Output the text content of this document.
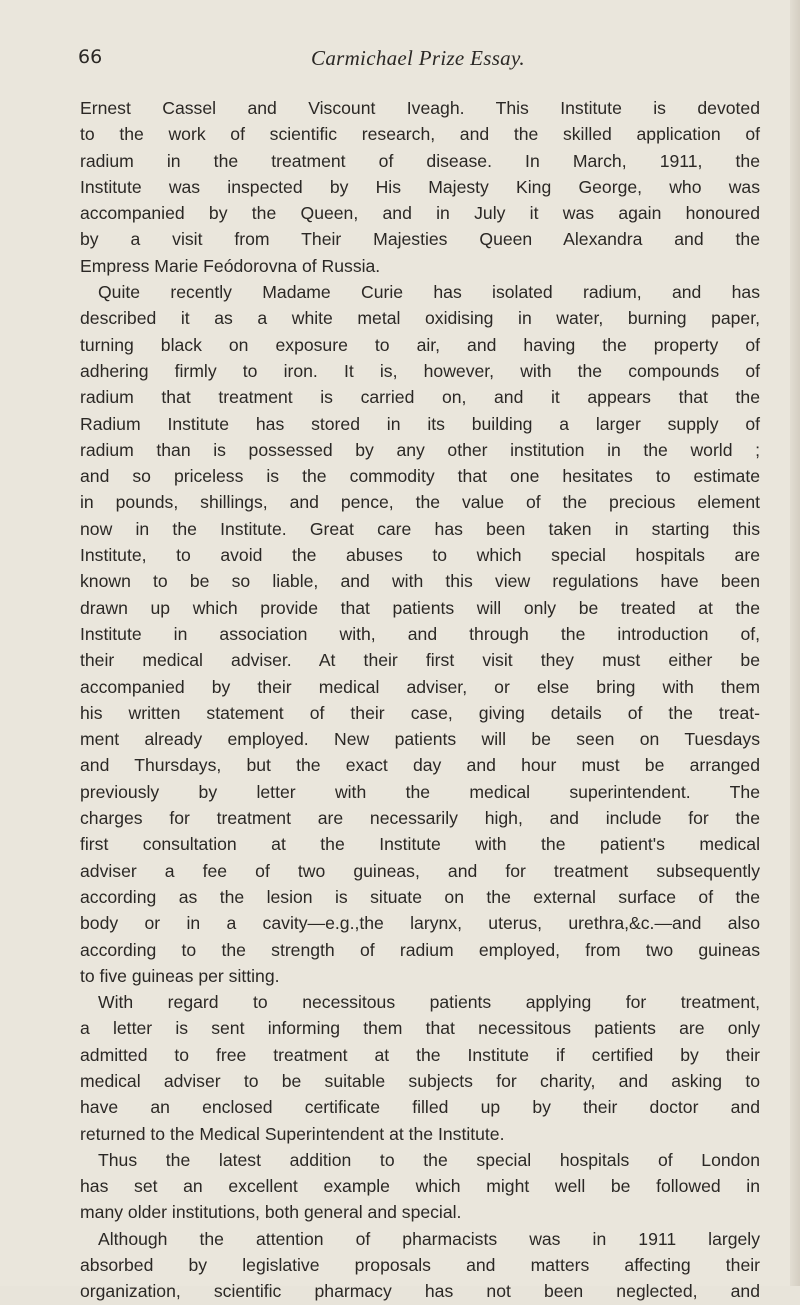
66	Carmichael Prize Essay.
Ernest Cassel and Viscount Iveagh. This Institute is devoted
to the work of scientific research, and the skilled application of
radium in the treatment of disease. In March, 1911, the
Institute was inspected by His Majesty King George, who was
accompanied by the Queen, and in July it was again honoured
by a visit from Their Majesties Queen Alexandra and the
Empress Marie Feódorovna of Russia.
Quite recently Madame Curie has isolated radium, and has
described it as a white metal oxidising in water, burning paper,
turning black on exposure to air, and having the property of
adhering firmly to iron. It is, however, with the compounds of
radium that treatment is carried on, and it appears that the
Radium Institute has stored in its building a larger supply of
radium than is possessed by any other institution in the world ;
and so priceless is the commodity that one hesitates to estimate
in pounds, shillings, and pence, the value of the precious element
now in the Institute. Great care has been taken in starting this
Institute, to avoid the abuses to which special hospitals are
known to be so liable, and with this view regulations have been
drawn up which provide that patients will only be treated at the
Institute in association with, and through the introduction of,
their medical adviser. At their first visit they must either be
accompanied by their medical adviser, or else bring with them
his written statement of their case, giving details of the treat-
ment already employed. New patients will be seen on Tuesdays
and Thursdays, but the exact day and hour must be arranged
previously by letter with the medical superintendent. The
charges for treatment are necessarily high, and include for the
first consultation at the Institute with the patient's medical
adviser a fee of two guineas, and for treatment subsequently
according as the lesion is situate on the external surface of the
body or in a cavity—e.g.,the larynx, uterus, urethra,&c.—and also
according to the strength of radium employed, from two guineas
to five guineas per sitting.
With regard to necessitous patients applying for treatment,
a letter is sent informing them that necessitous patients are only
admitted to free treatment at the Institute if certified by their
medical adviser to be suitable subjects for charity, and asking to
have an enclosed certificate filled up by their doctor and
returned to the Medical Superintendent at the Institute.
Thus the latest addition to the special hospitals of London
has set an excellent example which might well be followed in
many older institutions, both general and special.
Although the attention of pharmacists was in 1911 largely
absorbed by legislative proposals and matters affecting their
organization, scientific pharmacy has not been neglected, and
